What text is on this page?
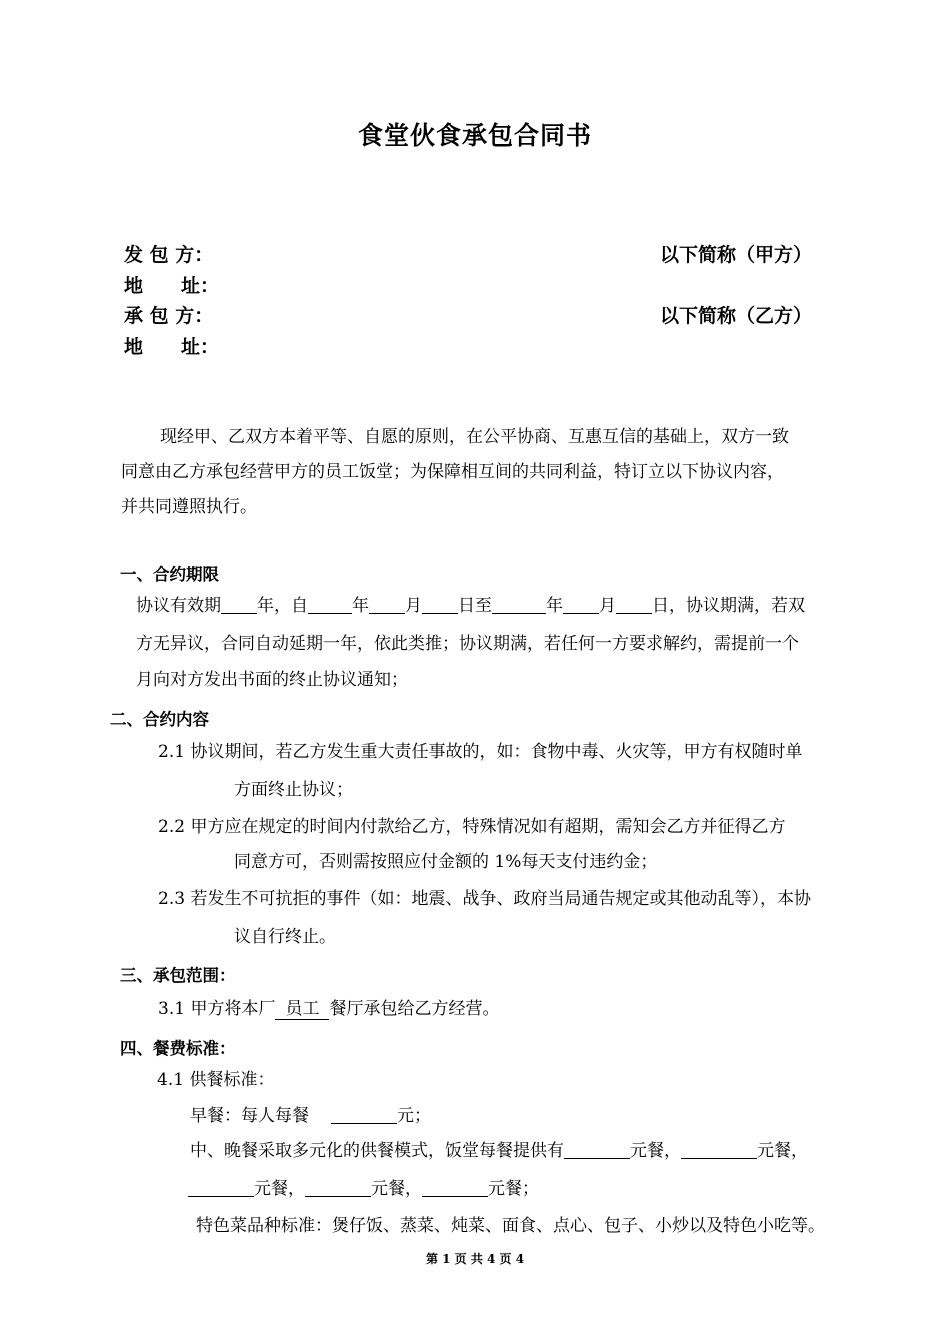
食堂伙食承包合同书
发 包 方：	以下简称（甲方）
地　　址：
承 包 方：	以下简称（乙方）
地　　址：
现经甲、乙双方本着平等、自愿的原则，在公平协商、互惠互信的基础上，双方一致
同意由乙方承包经营甲方的员工饭堂；为保障相互间的共同利益，特订立以下协议内容，
并共同遵照执行。
一、合约期限
协议有效期 年，自	年 月 日至	年 月 日，协议期满，若双
方无异议，合同自动延期一年，依此类推；协议期满，若任何一方要求解约，需提前一个
月向对方发出书面的终止协议通知；
二、合约内容
2.1 协议期间，若乙方发生重大责任事故的，如：食物中毒、火灾等，甲方有权随时单
方面终止协议；
2.2 甲方应在规定的时间内付款给乙方，特殊情况如有超期，需知会乙方并征得乙方
同意方可，否则需按照应付金额的 1%每天支付违约金；
2.3 若发生不可抗拒的事件（如：地震、战争、政府当局通告规定或其他动乱等），本协
议自行终止。
三、承包范围：
3.1 甲方将本厂 员工 餐厅承包给乙方经营。
四、餐费标准：
4.1 供餐标准：
早餐：每人每餐	元；
中、晚餐采取多元化的供餐模式，饭堂每餐提供有	元餐，	元餐，
元餐，	元餐，	元餐；
特色菜品种标准：煲仔饭、蒸菜、炖菜、面食、点心、包子、小炒以及特色小吃等。
第 1 页 共 4 页 4
